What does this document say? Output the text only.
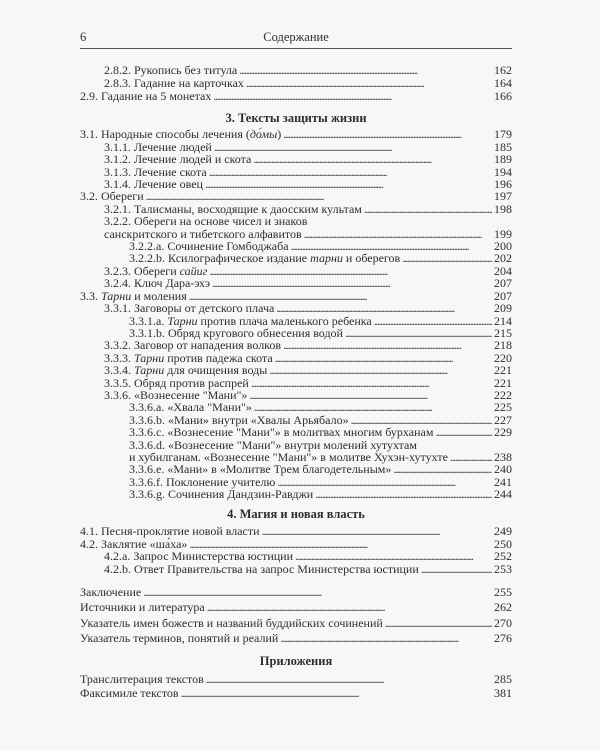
6	Содержание
2.8.2. Рукопись без титула . . .	162
2.8.3. Гадание на карточках . . .	164
2.9. Гадание на 5 монетах . . .	166
3. Тексты защиты жизни
3.1. Народные способы лечения (до́мы) . . .	179
3.1.1. Лечение людей . . .	185
3.1.2. Лечение людей и скота . . .	189
3.1.3. Лечение скота . . .	194
3.1.4. Лечение овец . . .	196
3.2. Обереги . . .	197
3.2.1. Талисманы, восходящие к даосским культам . . .	198
3.2.2. Обереги на основе чисел и знаков
санскритского и тибетского алфавитов . . .	199
3.2.2.a. Сочинение Гомбоджаба . . .	200
3.2.2.b. Ксилографическое издание тарни и оберегов . . .	202
3.2.3. Обереги сайиг . . .	204
3.2.4. Ключ Дара-эхэ . . .	207
3.3. Тарни и моления . . .	207
3.3.1. Заговоры от детского плача . . .	209
3.3.1.a. Тарни против плача маленького ребенка . . .	214
3.3.1.b. Обряд кругового обнесения водой . . .	215
3.3.2. Заговор от нападения волков . . .	218
3.3.3. Тарни против падежа скота . . .	220
3.3.4. Тарни для очищения воды . . .	221
3.3.5. Обряд против распрей . . .	221
3.3.6. «Вознесение "Мани"» . . .	222
3.3.6.a. «Хвала "Мани"» . . .	225
3.3.6.b. «Мани» внутри «Хвалы Арьябало» . . .	227
3.3.6.c. «Вознесение "Мани"» в молитвах многим бурханам . . .	229
3.3.6.d. «Вознесение "Мани"» внутри молений хутухтам
и хубилганам. «Вознесение "Мани"» в молитве Хухэн-хутухте . . .	238
3.3.6.e. «Мани» в «Молитве Трем благодетельным» . . .	240
3.3.6.f. Поклонение учителю . . .	241
3.3.6.g. Сочинения Дандзин-Равджи . . .	244
4. Магия и новая власть
4.1. Песня-проклятие новой власти . . .	249
4.2. Заклятие «ша́ха» . . .	250
4.2.a. Запрос Министерства юстиции . . .	252
4.2.b. Ответ Правительства на запрос Министерства юстиции . . .	253
Заключение . . .	255
Источники и литература . . .	262
Указатель имен божеств и названий буддийских сочинений . . .	270
Указатель терминов, понятий и реалий . . .	276
Приложения
Транслитерация текстов . . .	285
Факсимиле текстов . . .	381
